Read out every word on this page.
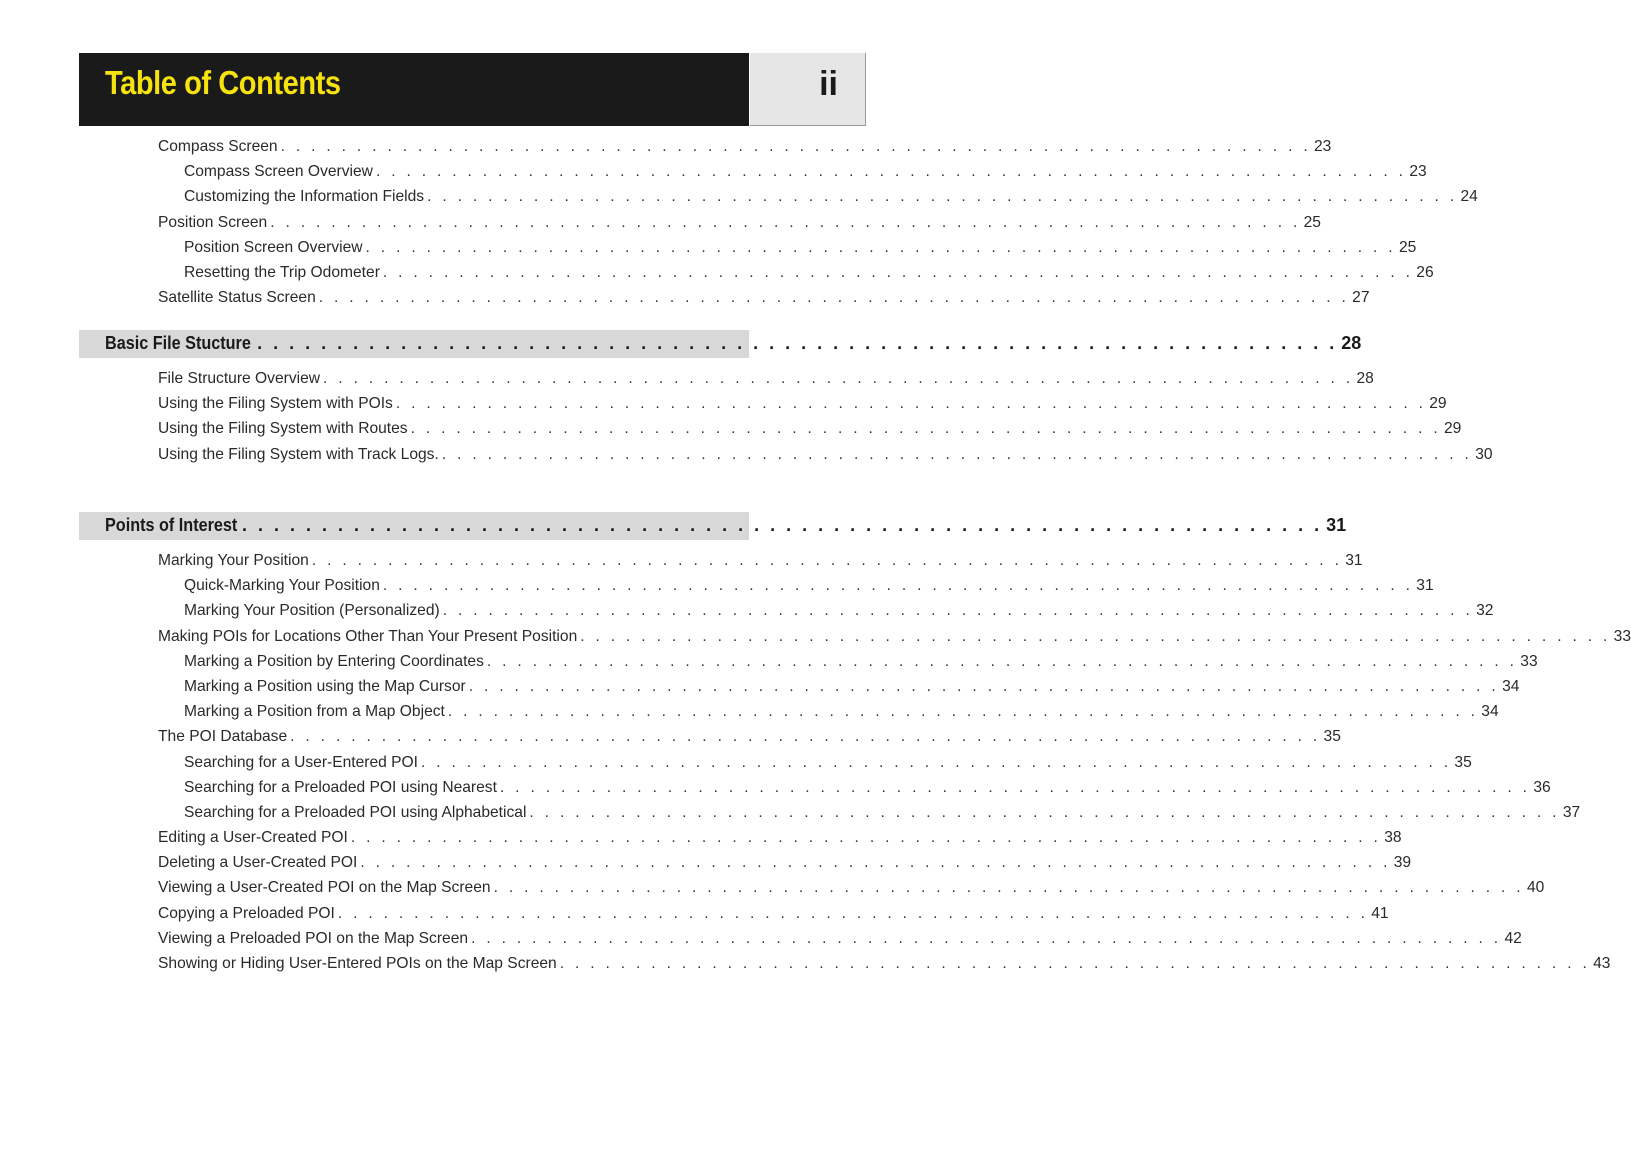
Table of Contents	ii
Compass Screen . . . . . . . . . . . . . . . . . . . . . . . . . . . . . . . . . . . . . . . . . . . . . . . . . . . . . . . . . . . . . . . . . . . . 23
Compass Screen Overview . . . . . . . . . . . . . . . . . . . . . . . . . . . . . . . . . . . . . . . . . . . . . . . . . . . . . . . . . . . . . . . . . . . . 23
Customizing the Information Fields . . . . . . . . . . . . . . . . . . . . . . . . . . . . . . . . . . . . . . . . . . . . . . . . . . . . . . . . . . . . . . . . . . . . 24
Position Screen . . . . . . . . . . . . . . . . . . . . . . . . . . . . . . . . . . . . . . . . . . . . . . . . . . . . . . . . . . . . . . . . . . . . 25
Position Screen Overview . . . . . . . . . . . . . . . . . . . . . . . . . . . . . . . . . . . . . . . . . . . . . . . . . . . . . . . . . . . . . . . . . . . . 25
Resetting the Trip Odometer . . . . . . . . . . . . . . . . . . . . . . . . . . . . . . . . . . . . . . . . . . . . . . . . . . . . . . . . . . . . . . . . . . . . 26
Satellite Status Screen . . . . . . . . . . . . . . . . . . . . . . . . . . . . . . . . . . . . . . . . . . . . . . . . . . . . . . . . . . . . . . . . . . . . 27
Basic File Stucture . . . . . . . . . . . . . . . . . . . . . . . . . . . . . . . . . . . . . . . . . . . . . . . . . . . . . . . . . . . . . . . . . . . . 28
File Structure Overview . . . . . . . . . . . . . . . . . . . . . . . . . . . . . . . . . . . . . . . . . . . . . . . . . . . . . . . . . . . . . . . . . . . . 28
Using the Filing System with POIs . . . . . . . . . . . . . . . . . . . . . . . . . . . . . . . . . . . . . . . . . . . . . . . . . . . . . . . . . . . . . . . . . . . . 29
Using the Filing System with Routes . . . . . . . . . . . . . . . . . . . . . . . . . . . . . . . . . . . . . . . . . . . . . . . . . . . . . . . . . . . . . . . . . . . . 29
Using the Filing System with Track Logs. . . . . . . . . . . . . . . . . . . . . . . . . . . . . . . . . . . . . . . . . . . . . . . . . . . . . . . . . . . . . . . . . . . . . 30
Points of Interest . . . . . . . . . . . . . . . . . . . . . . . . . . . . . . . . . . . . . . . . . . . . . . . . . . . . . . . . . . . . . . . . . . . . 31
Marking Your Position . . . . . . . . . . . . . . . . . . . . . . . . . . . . . . . . . . . . . . . . . . . . . . . . . . . . . . . . . . . . . . . . . . . . 31
Quick-Marking Your Position . . . . . . . . . . . . . . . . . . . . . . . . . . . . . . . . . . . . . . . . . . . . . . . . . . . . . . . . . . . . . . . . . . . . 31
Marking Your Position (Personalized) . . . . . . . . . . . . . . . . . . . . . . . . . . . . . . . . . . . . . . . . . . . . . . . . . . . . . . . . . . . . . . . . . . . . 32
Making POIs for Locations Other Than Your Present Position . . . . . . . . . . . . . . . . . . . . . . . . . . . . . . . . . . . . . . . . . . . . . . . . . . . . . . . . . . . . . . . . . . . . 33
Marking a Position by Entering Coordinates . . . . . . . . . . . . . . . . . . . . . . . . . . . . . . . . . . . . . . . . . . . . . . . . . . . . . . . . . . . . . . . . . . . . 33
Marking a Position using the Map Cursor . . . . . . . . . . . . . . . . . . . . . . . . . . . . . . . . . . . . . . . . . . . . . . . . . . . . . . . . . . . . . . . . . . . . 34
Marking a Position from a Map Object . . . . . . . . . . . . . . . . . . . . . . . . . . . . . . . . . . . . . . . . . . . . . . . . . . . . . . . . . . . . . . . . . . . . 34
The POI Database . . . . . . . . . . . . . . . . . . . . . . . . . . . . . . . . . . . . . . . . . . . . . . . . . . . . . . . . . . . . . . . . . . . . 35
Searching for a User-Entered POI . . . . . . . . . . . . . . . . . . . . . . . . . . . . . . . . . . . . . . . . . . . . . . . . . . . . . . . . . . . . . . . . . . . . 35
Searching for a Preloaded POI using Nearest . . . . . . . . . . . . . . . . . . . . . . . . . . . . . . . . . . . . . . . . . . . . . . . . . . . . . . . . . . . . . . . . . . . . 36
Searching for a Preloaded POI using Alphabetical . . . . . . . . . . . . . . . . . . . . . . . . . . . . . . . . . . . . . . . . . . . . . . . . . . . . . . . . . . . . . . . . . . . . 37
Editing a User-Created POI . . . . . . . . . . . . . . . . . . . . . . . . . . . . . . . . . . . . . . . . . . . . . . . . . . . . . . . . . . . . . . . . . . . . 38
Deleting a User-Created POI . . . . . . . . . . . . . . . . . . . . . . . . . . . . . . . . . . . . . . . . . . . . . . . . . . . . . . . . . . . . . . . . . . . . 39
Viewing a User-Created POI on the Map Screen . . . . . . . . . . . . . . . . . . . . . . . . . . . . . . . . . . . . . . . . . . . . . . . . . . . . . . . . . . . . . . . . . . . . 40
Copying a Preloaded POI . . . . . . . . . . . . . . . . . . . . . . . . . . . . . . . . . . . . . . . . . . . . . . . . . . . . . . . . . . . . . . . . . . . . 41
Viewing a Preloaded POI on the Map Screen . . . . . . . . . . . . . . . . . . . . . . . . . . . . . . . . . . . . . . . . . . . . . . . . . . . . . . . . . . . . . . . . . . . . 42
Showing or Hiding User-Entered POIs on the Map Screen . . . . . . . . . . . . . . . . . . . . . . . . . . . . . . . . . . . . . . . . . . . . . . . . . . . . . . . . . . . . . . . . . . . . 43
